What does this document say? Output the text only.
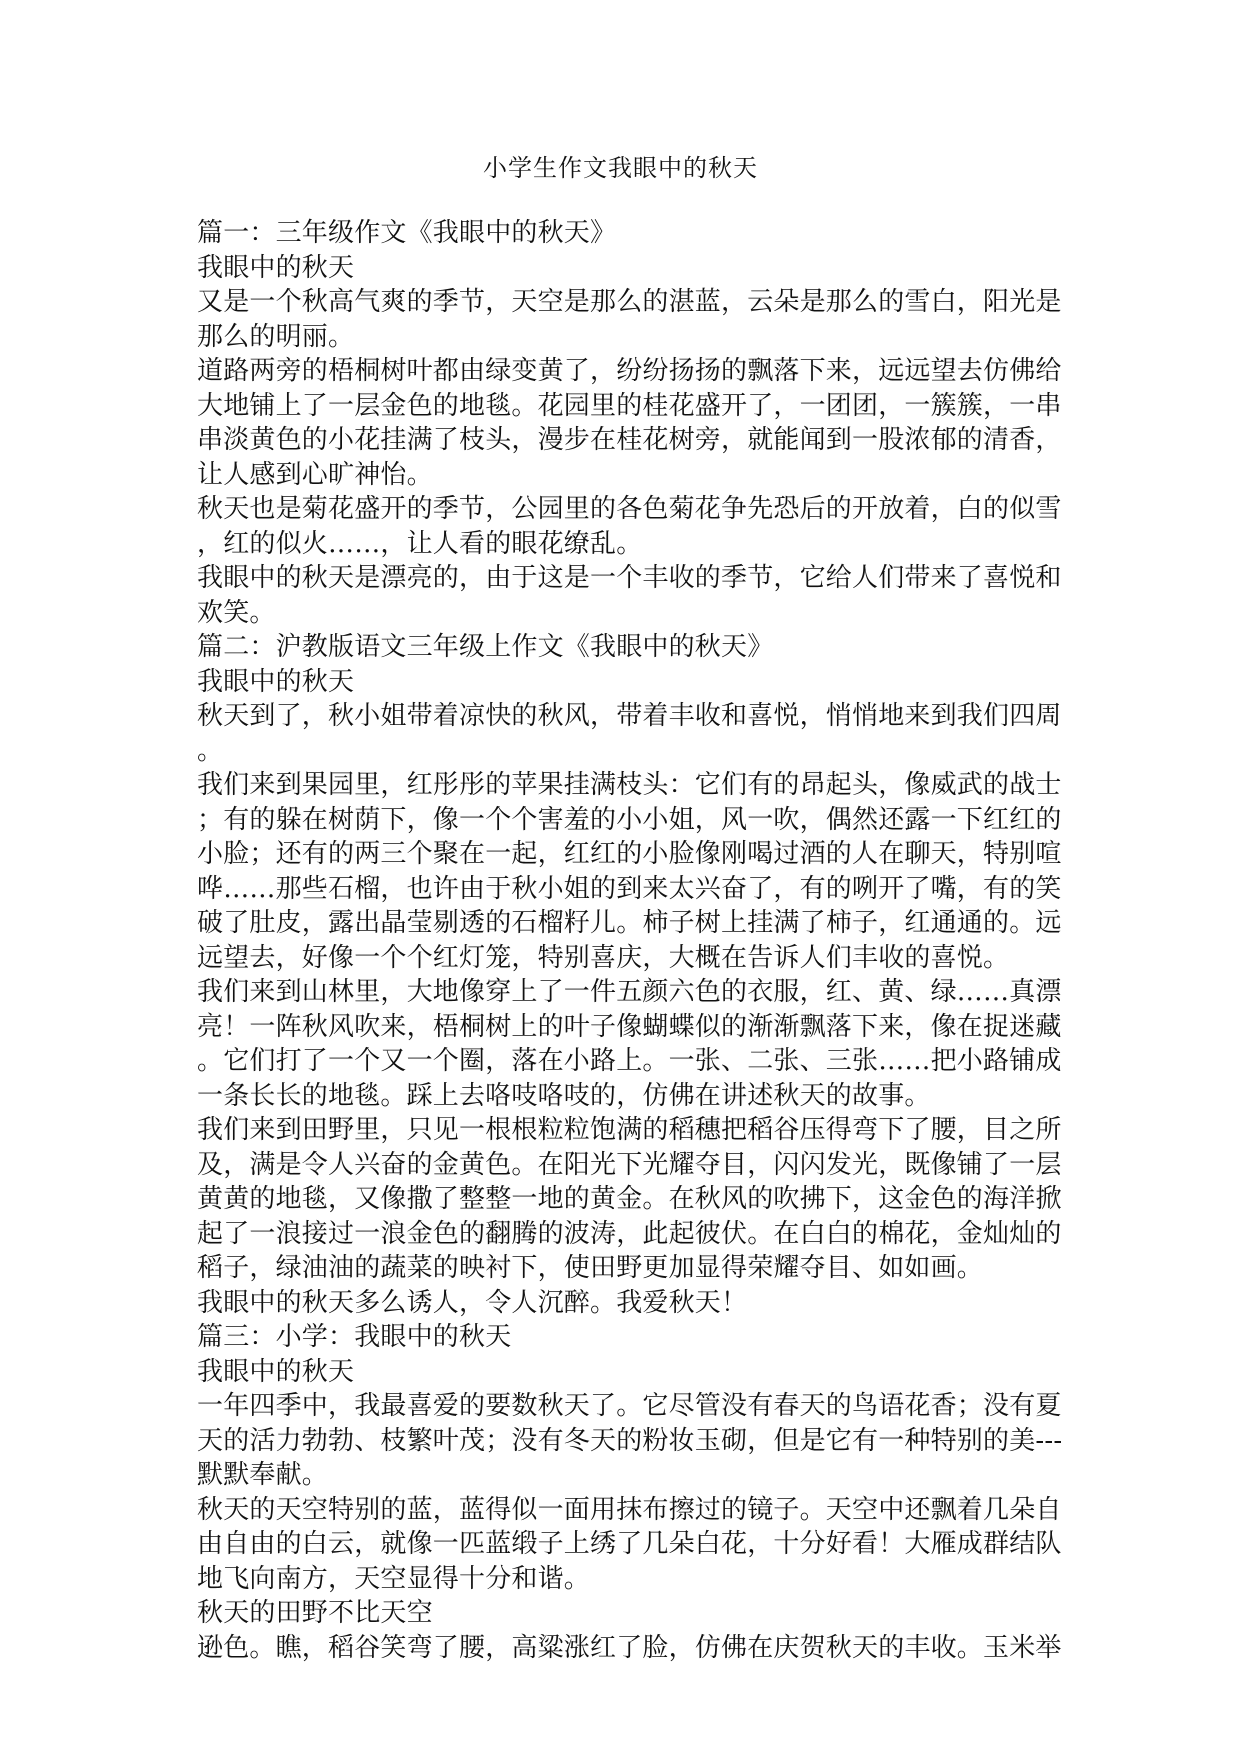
小学生作文我眼中的秋天
篇一：三年级作文《我眼中的秋天》
我眼中的秋天
又是一个秋高气爽的季节，天空是那么的湛蓝，云朵是那么的雪白，阳光是
那么的明丽。
道路两旁的梧桐树叶都由绿变黄了，纷纷扬扬的飘落下来，远远望去仿佛给
大地铺上了一层金色的地毯。花园里的桂花盛开了，一团团，一簇簇，一串
串淡黄色的小花挂满了枝头，漫步在桂花树旁，就能闻到一股浓郁的清香，
让人感到心旷神怡。
秋天也是菊花盛开的季节，公园里的各色菊花争先恐后的开放着，白的似雪
，红的似火……，让人看的眼花缭乱。
我眼中的秋天是漂亮的，由于这是一个丰收的季节，它给人们带来了喜悦和
欢笑。
篇二：沪教版语文三年级上作文《我眼中的秋天》
我眼中的秋天
秋天到了，秋小姐带着凉快的秋风，带着丰收和喜悦，悄悄地来到我们四周
。
我们来到果园里，红彤彤的苹果挂满枝头：它们有的昂起头，像威武的战士
；有的躲在树荫下，像一个个害羞的小小姐，风一吹，偶然还露一下红红的
小脸；还有的两三个聚在一起，红红的小脸像刚喝过酒的人在聊天，特别喧
哗……那些石榴，也许由于秋小姐的到来太兴奋了，有的咧开了嘴，有的笑
破了肚皮，露出晶莹剔透的石榴籽儿。柿子树上挂满了柿子，红通通的。远
远望去，好像一个个红灯笼，特别喜庆，大概在告诉人们丰收的喜悦。
我们来到山林里，大地像穿上了一件五颜六色的衣服，红、黄、绿……真漂
亮！一阵秋风吹来，梧桐树上的叶子像蝴蝶似的渐渐飘落下来，像在捉迷藏
。它们打了一个又一个圈，落在小路上。一张、二张、三张……把小路铺成
一条长长的地毯。踩上去咯吱咯吱的，仿佛在讲述秋天的故事。
我们来到田野里，只见一根根粒粒饱满的稻穗把稻谷压得弯下了腰，目之所
及，满是令人兴奋的金黄色。在阳光下光耀夺目，闪闪发光，既像铺了一层
黄黄的地毯，又像撒了整整一地的黄金。在秋风的吹拂下，这金色的海洋掀
起了一浪接过一浪金色的翻腾的波涛，此起彼伏。在白白的棉花，金灿灿的
稻子，绿油油的蔬菜的映衬下，使田野更加显得荣耀夺目、如如画。
我眼中的秋天多么诱人，令人沉醉。我爱秋天！
篇三：小学：我眼中的秋天
我眼中的秋天
一年四季中，我最喜爱的要数秋天了。它尽管没有春天的鸟语花香；没有夏
天的活力勃勃、枝繁叶茂；没有冬天的粉妆玉砌，但是它有一种特别的美---
默默奉献。
秋天的天空特别的蓝，蓝得似一面用抹布擦过的镜子。天空中还飘着几朵自
由自由的白云，就像一匹蓝缎子上绣了几朵白花，十分好看！大雁成群结队
地飞向南方，天空显得十分和谐。
秋天的田野不比天空
逊色。瞧，稻谷笑弯了腰，高粱涨红了脸，仿佛在庆贺秋天的丰收。玉米举
